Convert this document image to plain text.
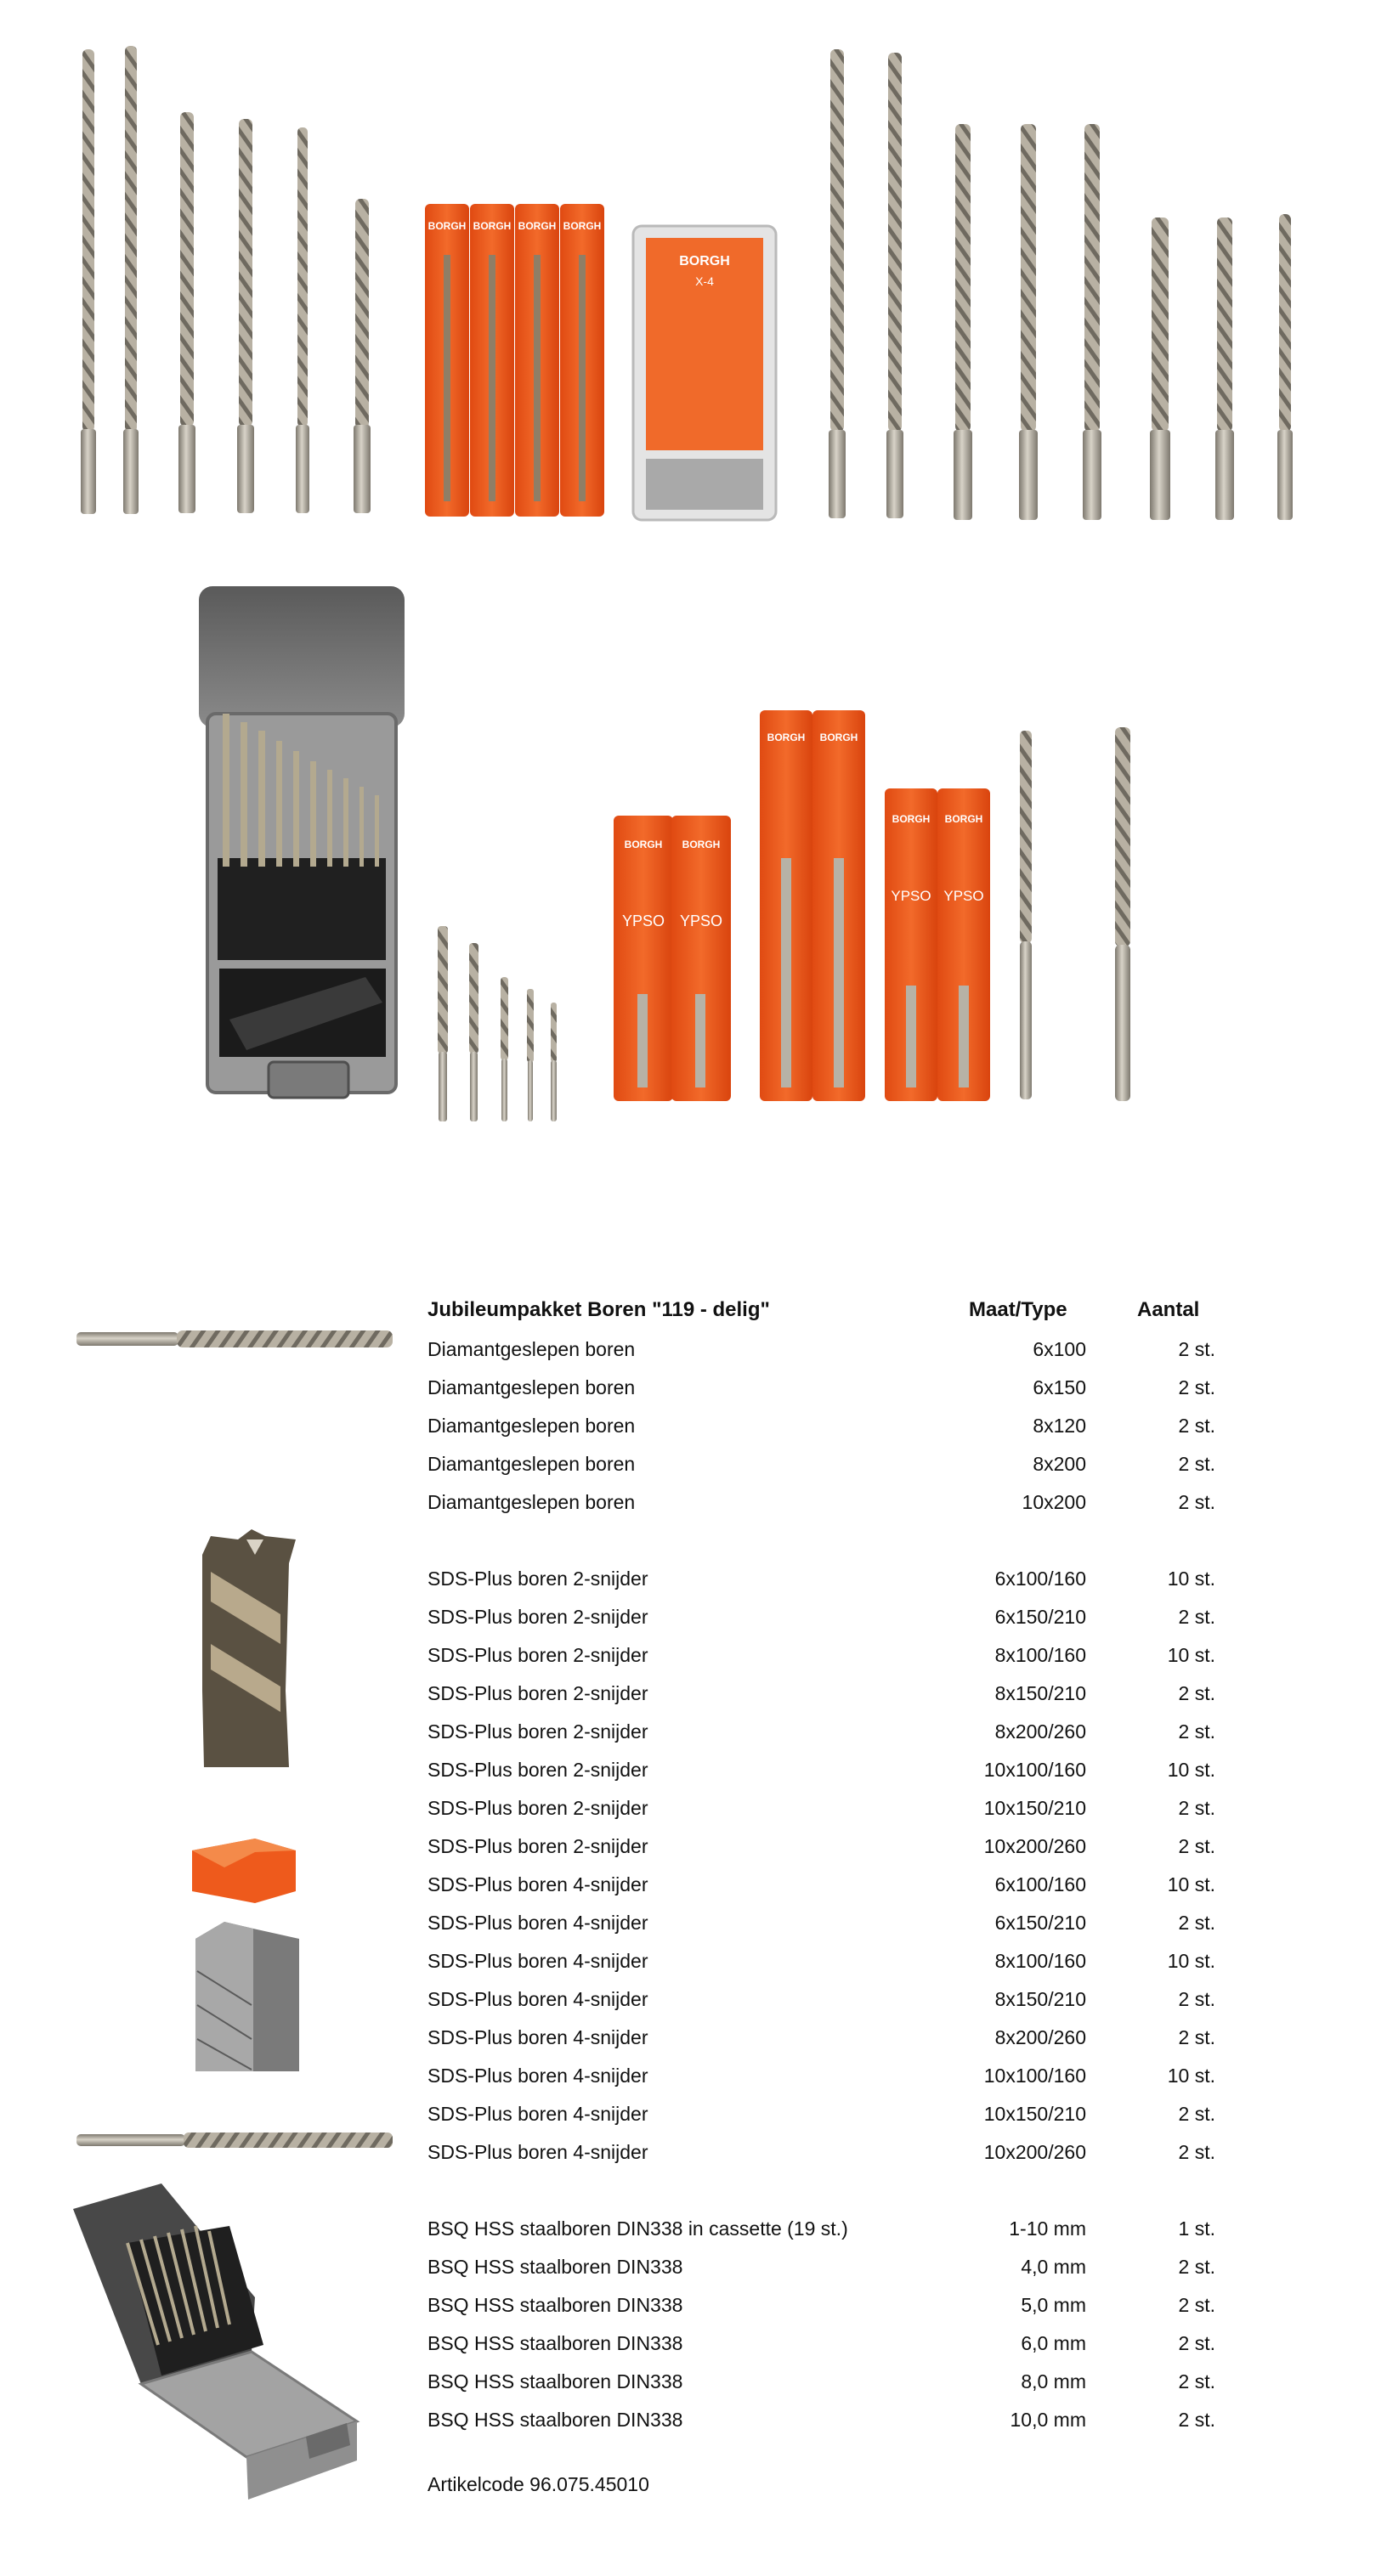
BORGH BORGH BORGH BORGH
BORGH
X-4
BORGH
YPSO
BORGH
YPSO
BORGH BORGH
BORGH
YPSO
BORGH
YPSO
Jubileumpakket Boren "119 - delig"	Maat/Type	Aantal
Diamantgeslepen boren	6x100	2 st.
Diamantgeslepen boren	6x150	2 st.
Diamantgeslepen boren	8x120	2 st.
Diamantgeslepen boren	8x200	2 st.
Diamantgeslepen boren	10x200	2 st.
SDS-Plus boren 2-snijder	6x100/160	10 st.
SDS-Plus boren 2-snijder	6x150/210	2 st.
SDS-Plus boren 2-snijder	8x100/160	10 st.
SDS-Plus boren 2-snijder	8x150/210	2 st.
SDS-Plus boren 2-snijder	8x200/260	2 st.
SDS-Plus boren 2-snijder	10x100/160	10 st.
SDS-Plus boren 2-snijder	10x150/210	2 st.
SDS-Plus boren 2-snijder	10x200/260	2 st.
SDS-Plus boren 4-snijder	6x100/160	10 st.
SDS-Plus boren 4-snijder	6x150/210	2 st.
SDS-Plus boren 4-snijder	8x100/160	10 st.
SDS-Plus boren 4-snijder	8x150/210	2 st.
SDS-Plus boren 4-snijder	8x200/260	2 st.
SDS-Plus boren 4-snijder	10x100/160	10 st.
SDS-Plus boren 4-snijder	10x150/210	2 st.
SDS-Plus boren 4-snijder	10x200/260	2 st.
BSQ HSS staalboren DIN338 in cassette (19 st.)	1-10 mm	1 st.
BSQ HSS staalboren DIN338	4,0 mm	2 st.
BSQ HSS staalboren DIN338	5,0 mm	2 st.
BSQ HSS staalboren DIN338	6,0 mm	2 st.
BSQ HSS staalboren DIN338	8,0 mm	2 st.
BSQ HSS staalboren DIN338	10,0 mm	2 st.
Artikelcode 96.075.45010
